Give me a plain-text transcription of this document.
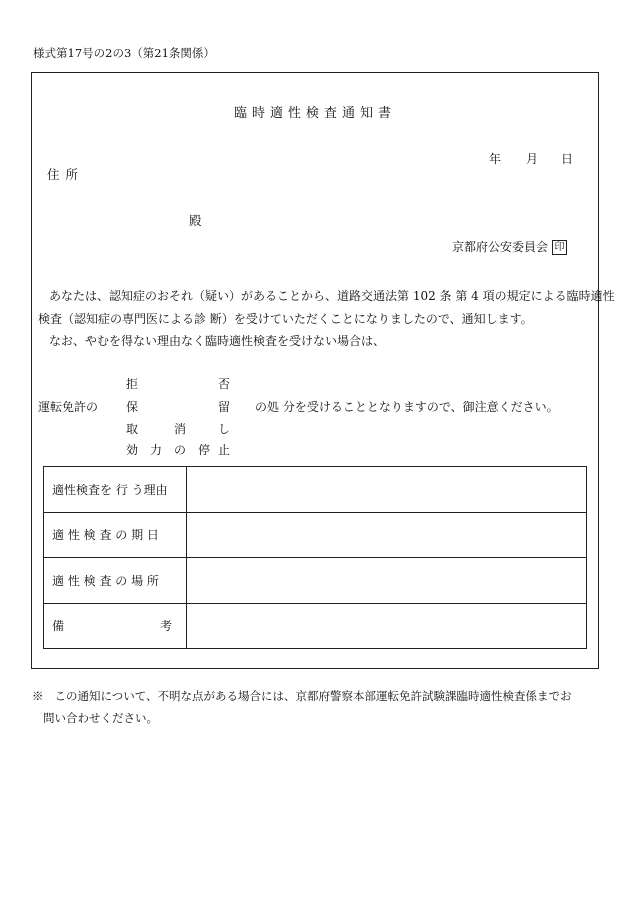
様式第17号の2の3（第21条関係）
臨時適性検査通知書
年 月 日
住所
殿
京都府公安委員会 印
あなたは、認知症のおそれ（疑い）があることから、道路交通法第 102 条 第 4 項の規定による臨時適性
検査（認知症の専門医による診 断）を受けていただくことになりましたので、通知します。
なお、やむを得ない理由なく臨時適性検査を受けない場合は、
運転免許の
拒	否
保	留
取	消	し
効 力 の 停 止
の処 分を受けることとなりますので、御注意ください。
適性検査を 行 う理由	
適 性 検 査 の 期 日	
適 性 検 査 の 場 所	

備 考	

※ この通知について、不明な点がある場合には、京都府警察本部運転免許試験課臨時適性検査係までお
問い合わせください。
